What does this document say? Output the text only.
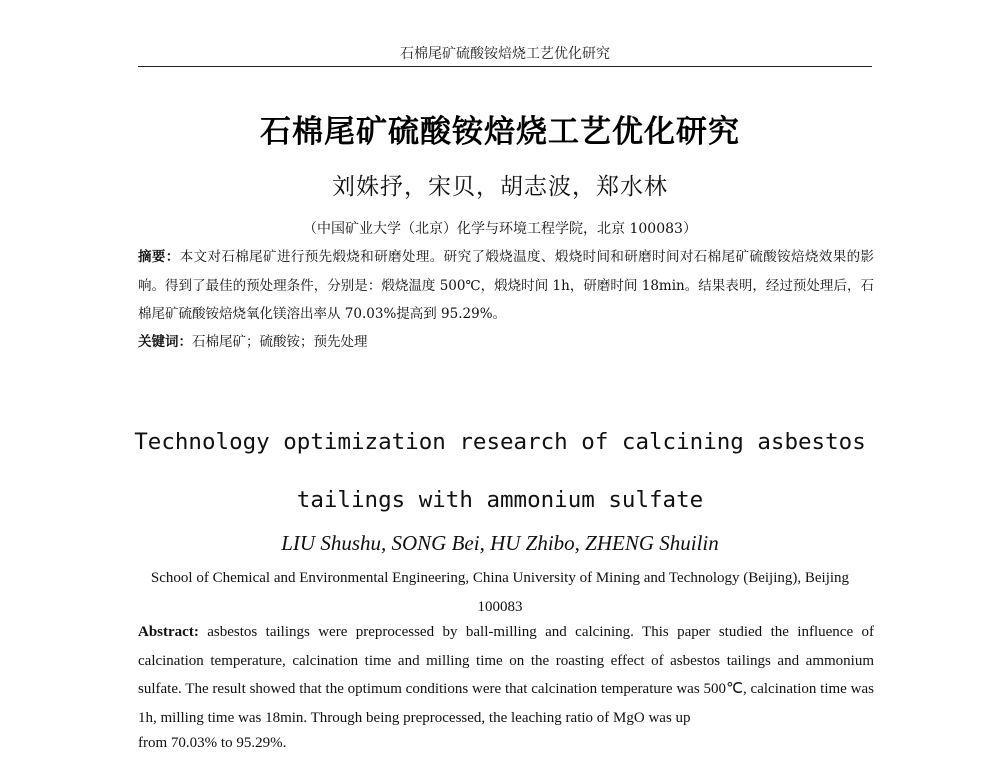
石棉尾矿硫酸铵焙烧工艺优化研究
石棉尾矿硫酸铵焙烧工艺优化研究
刘姝抒，宋贝，胡志波，郑水林
（中国矿业大学（北京）化学与环境工程学院，北京 100083）
摘要：本文对石棉尾矿进行预先煅烧和研磨处理。研究了煅烧温度、煅烧时间和研磨时间对石棉尾矿硫酸铵焙烧效果的影响。得到了最佳的预处理条件，分别是：煅烧温度 500℃，煅烧时间 1h，研磨时间 18min。结果表明，经过预处理后，石棉尾矿硫酸铵焙烧氧化镁溶出率从 70.03%提高到 95.29%。
关键词：石棉尾矿；硫酸铵；预先处理
Technology optimization research of calcining asbestos
tailings with ammonium sulfate
LIU Shushu, SONG Bei, HU Zhibo, ZHENG Shuilin
School of Chemical and Environmental Engineering, China University of Mining and Technology (Beijing), Beijing 100083
Abstract: asbestos tailings were preprocessed by ball-milling and calcining. This paper studied the influence of calcination temperature, calcination time and milling time on the roasting effect of asbestos tailings and ammonium sulfate. The result showed that the optimum conditions were that calcination temperature was 500℃, calcination time was 1h, milling time was 18min. Through being preprocessed, the leaching ratio of MgO was up
from 70.03% to 95.29%.
